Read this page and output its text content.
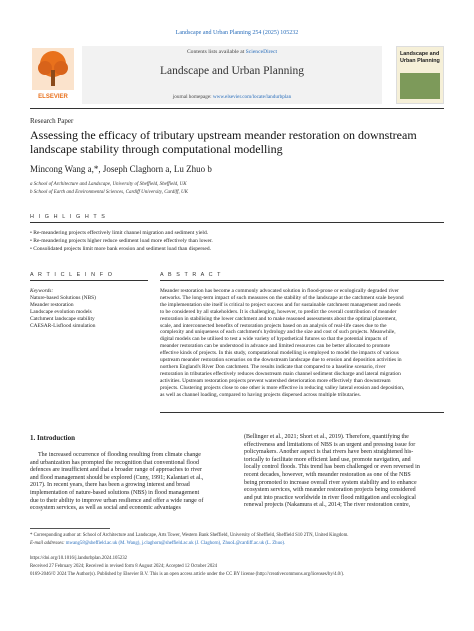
Landscape and Urban Planning 254 (2025) 105232
ELSEVIER
Contents lists available at ScienceDirect
Landscape and Urban Planning
journal homepage: www.elsevier.com/locate/landurbplan
Landscape and Urban Planning
Research Paper
Assessing the efficacy of tributary upstream meander restoration on downstream landscape stability through computational modelling
Mincong Wang a,*, Joseph Claghorn a, Lu Zhuo b
a School of Architecture and Landscape, University of Sheffield, Sheffield, UK
b School of Earth and Environmental Sciences, Cardiff University, Cardiff, UK
H I G H L I G H T S
• Re-meandering projects effectively limit channel migration and sediment yield.
• Re-meandering projects higher reduce sediment load more effectively than lower.
• Consolidated projects limit more bank erosion and sediment load than dispersed.
A R T I C L E I N F O
Keywords:
Nature-based Solutions (NBS)
Meander restoration
Landscape evolution models
Catchment landscape stability
CAESAR-Lisflood simulation
A B S T R A C T
Meander restoration has become a commonly advocated solution in flood-prone or ecologically degraded river
networks. The long-term impact of such measures on the stability of the landscape at the catchment scale beyond
the implementation site itself is critical to project success and for sustainable catchment management and needs
to be considered by all stakeholders. It is challenging, however, to predict the overall contribution of meander
restoration in stabilising the lower catchment and to make reasoned assessments about the optimal placement,
scale, and interconnected benefits of restoration projects based on an analysis of real-life cases due to the
complexity and uniqueness of each catchment's hydrology and the size and cost of such projects. Meanwhile,
digital models can be utilised to test a wide variety of hypothetical futures so that the potential impacts of
meander restoration can be understood in advance and limited resources can be better allocated to promote
effective kinds of projects. In this study, computational modelling is employed to model the impacts of various
upstream meander restoration scenarios on the downstream landscape due to erosion and deposition activities in
northern England's River Don catchment. The results indicate that compared to a baseline scenario, river
restoration in tributaries effectively reduces downstream main channel sediment discharge and lateral migration
activities. Upstream restoration projects prevent watershed deterioration more effectively than downstream
projects. Clustering projects close to one other is more effective in reducing valley lateral erosion and deposition,
as well as channel loading, compared to having projects dispersed across multiple tributaries.
1. Introduction
The increased occurrence of flooding resulting from climate change
and urbanization has prompted the recognition that conventional flood
defences are insufficient and that a broader range of approaches to river
and flood management should be explored (Cuny, 1991; Kalantari et al.,
2017). In recent years, there has been a growing interest and broad
implementation of nature-based solutions (NBS) in flood management
due to their ability to improve urban resilience and offer a wide range of
ecosystem services, as well as social and economic advantages
(Bellinger et al., 2021; Short et al., 2019). Therefore, quantifying the
effectiveness and limitations of NBS is an urgent and pressing issue for
policymakers. Another aspect is that rivers have been straightened his-
torically to facilitate more efficient land use, promote navigation, and
locally control floods. This trend has been challenged or even reversed in
recent decades, however, with meander restoration as one of the NBS
being promoted to increase overall river system stability and to enhance
ecosystem services, with meander restoration projects being considered
and put into practice worldwide in river flood mitigation and ecological
renewal projects (Nakamura et al., 2014; The river restoration centre,
* Corresponding author at: School of Architecture and Landscape, Arts Tower, Western Bank Sheffield, University of Sheffield, Sheffield S10 2TN, United Kingdom.
E-mail addresses: mwang58@sheffield.ac.uk (M. Wang), j.claghorn@sheffield.ac.uk (J. Claghorn), ZhuoL@cardiff.ac.uk (L. Zhuo).
https://doi.org/10.1016/j.landurbplan.2024.105232
Received 27 February 2024; Received in revised form 8 August 2024; Accepted 12 October 2024
0169-2046/© 2024 The Author(s). Published by Elsevier B.V. This is an open access article under the CC BY license (http://creativecommons.org/licenses/by/4.0/).
